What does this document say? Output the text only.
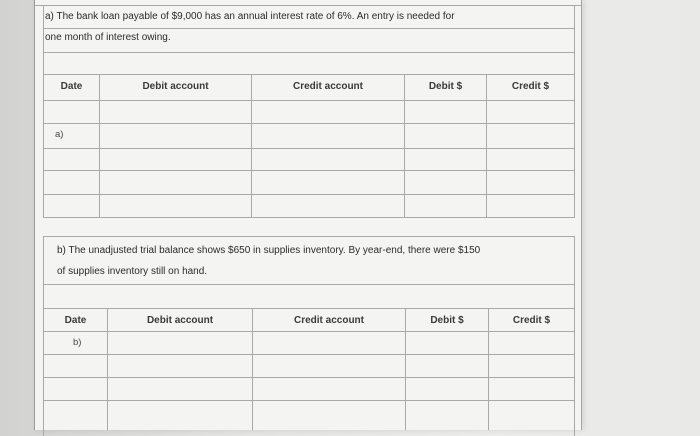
a) The bank loan payable of $9,000 has an annual interest rate of 6%. An entry is needed for
one month of interest owing.
Date	Debit account	Credit account	Debit $	Credit $
a)
b) The unadjusted trial balance shows $650 in supplies inventory. By year-end, there were $150
of supplies inventory still on hand.
Date	Debit account	Credit account	Debit $	Credit $
b)
